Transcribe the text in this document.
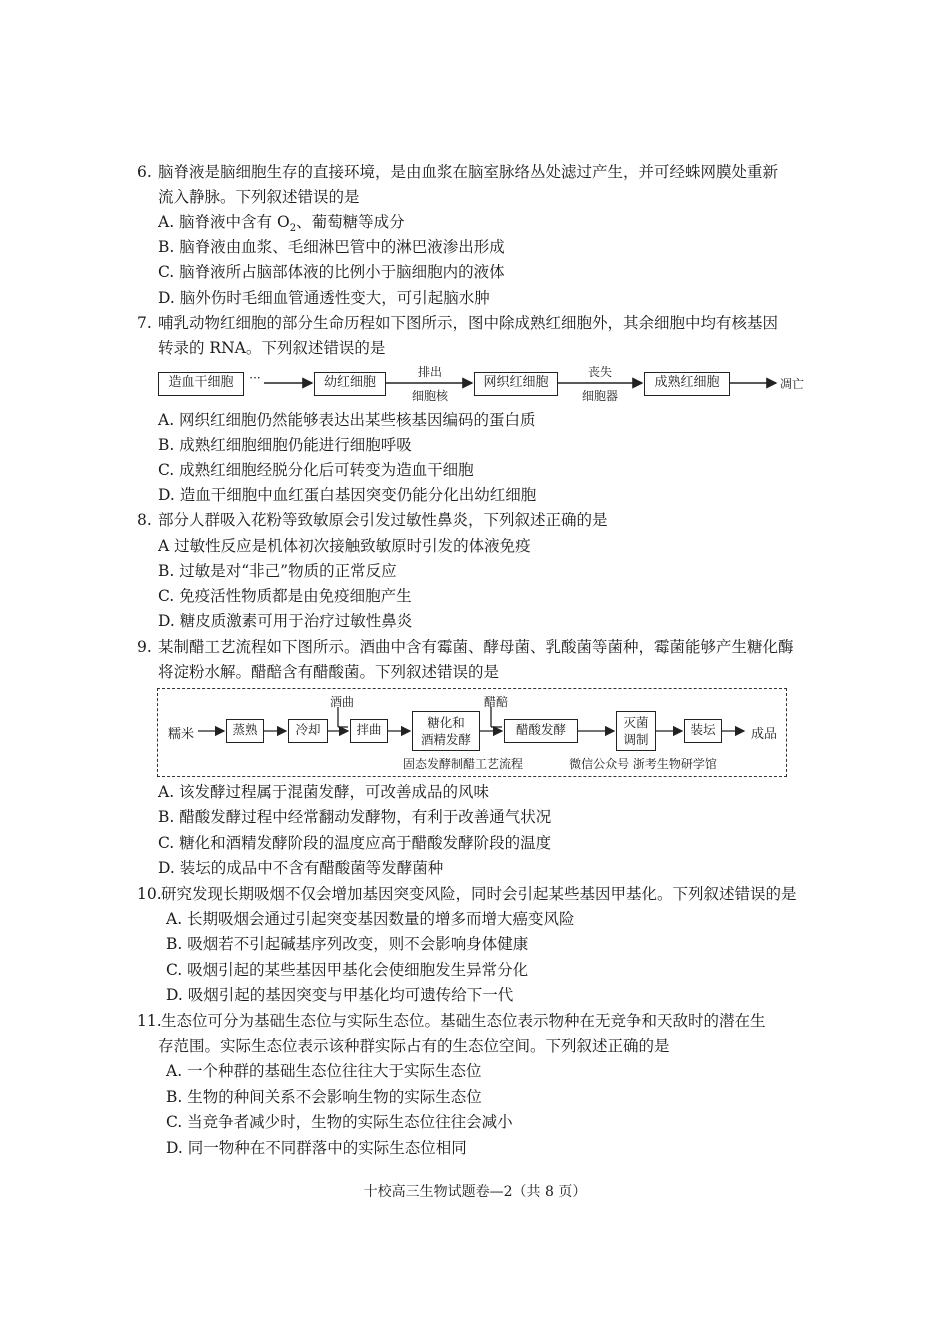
6. 脑脊液是脑细胞生存的直接环境，是由血浆在脑室脉络丛处滤过产生，并可经蛛网膜处重新
流入静脉。下列叙述错误的是
A. 脑脊液中含有 $O_2$、葡萄糖等成分
B. 脑脊液由血浆、毛细淋巴管中的淋巴液渗出形成
C. 脑脊液所占脑部体液的比例小于脑细胞内的液体
D. 脑外伤时毛细血管通透性变大，可引起脑水肿
7. 哺乳动物红细胞的部分生命历程如下图所示，图中除成熟红细胞外，其余细胞中均有核基因
转录的 RNA。下列叙述错误的是
造血干细胞	···	幼红细胞
排出
细胞核
网织红细胞
丧失
细胞器
成熟红细胞	凋亡
A. 网织红细胞仍然能够表达出某些核基因编码的蛋白质
B. 成熟红细胞细胞仍能进行细胞呼吸
C. 成熟红细胞经脱分化后可转变为造血干细胞
D. 造血干细胞中血红蛋白基因突变仍能分化出幼红细胞
8. 部分人群吸入花粉等致敏原会引发过敏性鼻炎，下列叙述正确的是
A 过敏性反应是机体初次接触致敏原时引发的体液免疫
B. 过敏是对“非己”物质的正常反应
C. 免疫活性物质都是由免疫细胞产生
D. 糖皮质激素可用于治疗过敏性鼻炎
9. 某制醋工艺流程如下图所示。酒曲中含有霉菌、酵母菌、乳酸菌等菌种，霉菌能够产生糖化酶
将淀粉水解。醋醅含有醋酸菌。下列叙述错误的是
糯米	蒸熟	冷却
酒曲
拌曲	糖化和
酒精发酵
醋醅
醋酸发酵	灭菌
调制
装坛	成品
固态发酵制醋工艺流程	微信公众号 浙考生物研学馆
A. 该发酵过程属于混菌发酵，可改善成品的风味
B. 醋酸发酵过程中经常翻动发酵物，有利于改善通气状况
C. 糖化和酒精发酵阶段的温度应高于醋酸发酵阶段的温度
D. 装坛的成品中不含有醋酸菌等发酵菌种
10.研究发现长期吸烟不仅会增加基因突变风险，同时会引起某些基因甲基化。下列叙述错误的是
A. 长期吸烟会通过引起突变基因数量的增多而增大癌变风险
B. 吸烟若不引起碱基序列改变，则不会影响身体健康
C. 吸烟引起的某些基因甲基化会使细胞发生异常分化
D. 吸烟引起的基因突变与甲基化均可遗传给下一代
11.生态位可分为基础生态位与实际生态位。基础生态位表示物种在无竞争和天敌时的潜在生
存范围。实际生态位表示该种群实际占有的生态位空间。下列叙述正确的是
A. 一个种群的基础生态位往往大于实际生态位
B. 生物的种间关系不会影响生物的实际生态位
C. 当竞争者减少时，生物的实际生态位往往会减小
D. 同一物种在不同群落中的实际生态位相同
十校高三生物试题卷—2（共 8 页）
